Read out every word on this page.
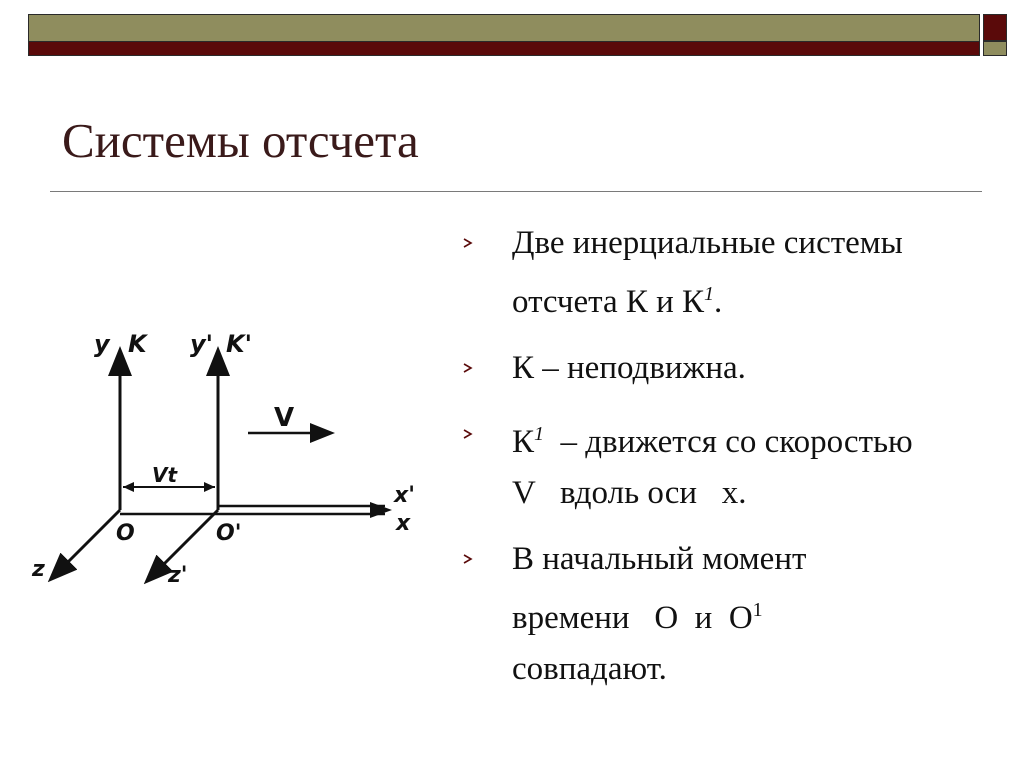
Системы отсчета
Две инерциальные системы
отсчета К и $К^1$.
К – неподвижна.
$К^1$  – движется со скоростью
V   вдоль оси   х.
В начальный момент
времени   О  и  $О^1$
совпадают.
y K y' K'
V
Vt
O	O'
x'
x
z	z'
